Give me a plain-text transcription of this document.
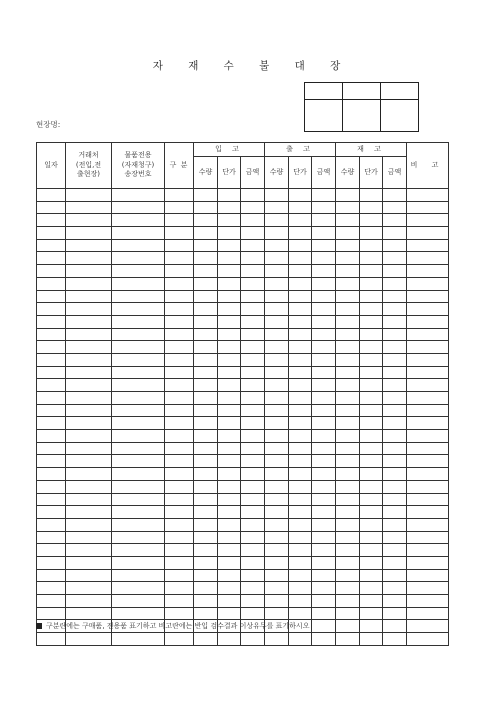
자 재 수 불 대 장

현장명:
일자	거래처
(전입,전
출현장)	물품전용
(자재청구)
송장번호	구 분	입 고			출 고			재 고			비 고
				수량	단가	금액	수량	단가	금액	수량	단가	금액	

구분란에는 구매품, 전용품 표기하고 비고란에는 반입 검수결과 이상유무를 표기하시오
